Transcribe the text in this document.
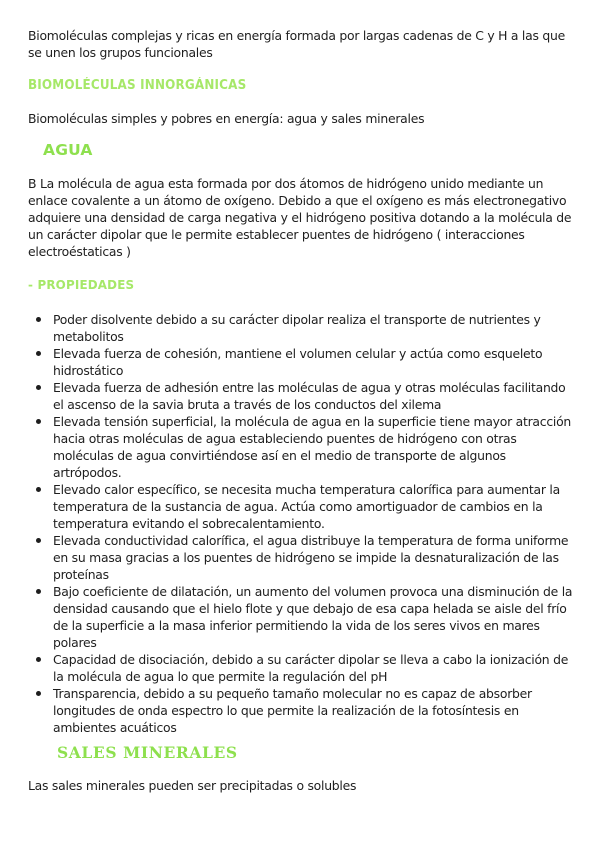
Biomoléculas complejas y ricas en energía formada por largas cadenas de C y H a las que se unen los grupos funcionales

BIOMOLÉCULAS INNORGÁNICAS

Biomoléculas simples y pobres en energía: agua y sales minerales

AGUA

B La molécula de agua esta formada por dos átomos de hidrógeno unido mediante un enlace covalente a un átomo de oxígeno. Debido a que el oxígeno es más electronegativo adquiere una densidad de carga negativa y el hidrógeno positiva dotando a la molécula de un carácter dipolar que le permite establecer puentes de hidrógeno ( interacciones electroéstaticas )

- PROPIEDADES
Poder disolvente debido a su carácter dipolar realiza el transporte de nutrientes y metabolitos
Elevada fuerza de cohesión, mantiene el volumen celular y actúa como esqueleto hidrostático
Elevada fuerza de adhesión entre las moléculas de agua y otras moléculas facilitando el ascenso de la savia bruta a través de los conductos del xilema
Elevada tensión superficial, la molécula de agua en la superficie tiene mayor atracción hacia otras moléculas de agua estableciendo puentes de hidrógeno con otras moléculas de agua convirtiéndose así en el medio de transporte de algunos artrópodos.
Elevado calor específico, se necesita mucha temperatura calorífica para aumentar la temperatura de la sustancia de agua. Actúa como amortiguador de cambios en la temperatura evitando el sobrecalentamiento.
Elevada conductividad calorífica, el agua distribuye la temperatura de forma uniforme en su masa gracias a los puentes de hidrógeno se impide la desnaturalización de las proteínas
Bajo coeficiente de dilatación, un aumento del volumen provoca una disminución de la densidad causando que el hielo flote y que debajo de esa capa helada se aisle del frío de la superficie a la masa inferior permitiendo la vida de los seres vivos en mares polares
Capacidad de disociación, debido a su carácter dipolar se lleva a cabo la ionización de la molécula de agua lo que permite la regulación del pH
Transparencia, debido a su pequeño tamaño molecular no es capaz de absorber longitudes de onda espectro lo que permite la realización de la fotosíntesis en ambientes acuáticos
SALES MINERALES

Las sales minerales pueden ser precipitadas o solubles
